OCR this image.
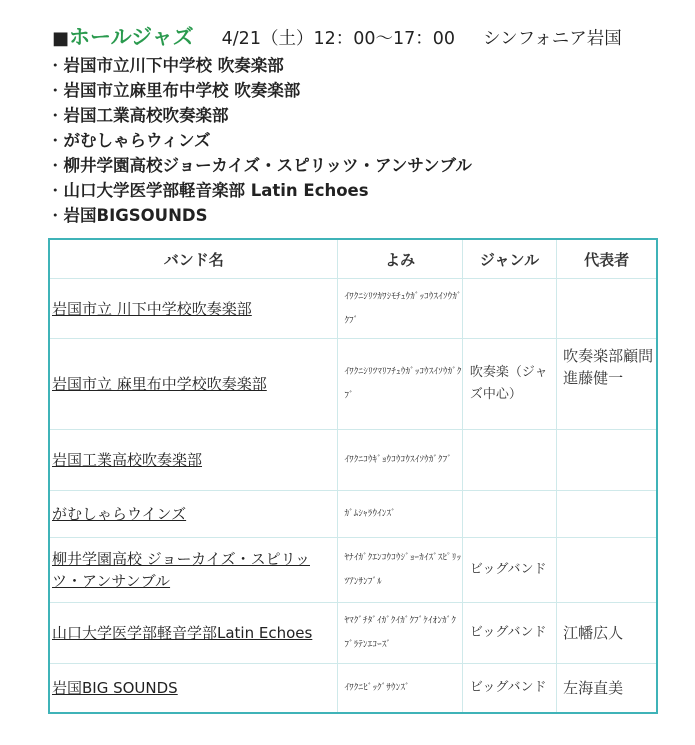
■ホールジャズ 4/21（土）12：00〜17：00 シンフォニア岩国
・ 岩国市立川下中学校 吹奏楽部
・ 岩国市立麻里布中学校 吹奏楽部
・ 岩国工業高校吹奏楽部
・ がむしゃらウィンズ
・ 柳井学園高校ジョーカイズ・スピリッツ・アンサンブル
・ 山口大学医学部軽音楽部 Latin Echoes
・ 岩国BIGSOUNDS
バンド名	よみ	ジャンル	代表者
岩国市立 川下中学校吹奏楽部	ｲﾜｸﾆｼﾘﾂｶﾜｼﾓﾁｭｳｶﾞｯｺｳｽｲｿｳｶﾞｸﾌﾞ		
岩国市立 麻里布中学校吹奏楽部	ｲﾜｸﾆｼﾘﾂﾏﾘﾌﾁｭｳｶﾞｯｺｳｽｲｿｳｶﾞｸﾌﾞ	吹奏楽（ジャズ中心）	吹奏楽部顧問　進藤健一
岩国工業高校吹奏楽部	ｲﾜｸﾆｺｳｷﾞｮｳｺｳｺｳｽｲｿｳｶﾞｸﾌﾞ		
がむしゃらウインズ	ｶﾞﾑｼｬﾗｳｲﾝｽﾞ		
柳井学園高校 ジョーカイズ・スピリッツ・アンサンブル	ﾔﾅｲｶﾞｸｴﾝｺｳｺｳｼﾞｮｰｶｲｽﾞｽﾋﾟﾘｯﾂｱﾝｻﾝﾌﾞﾙ	ビッグバンド	
山口大学医学部軽音学部Latin Echoes	ﾔﾏｸﾞﾁﾀﾞｲｶﾞｸｲｶﾞｸﾌﾞｹｲｵﾝｶﾞｸﾌﾞﾗﾃﾝｴｺｰｽﾞ	ビッグバンド	江幡広人
岩国BIG SOUNDS	ｲﾜｸﾆﾋﾞｯｸﾞｻｳﾝｽﾞ	ビッグバンド	左海直美
